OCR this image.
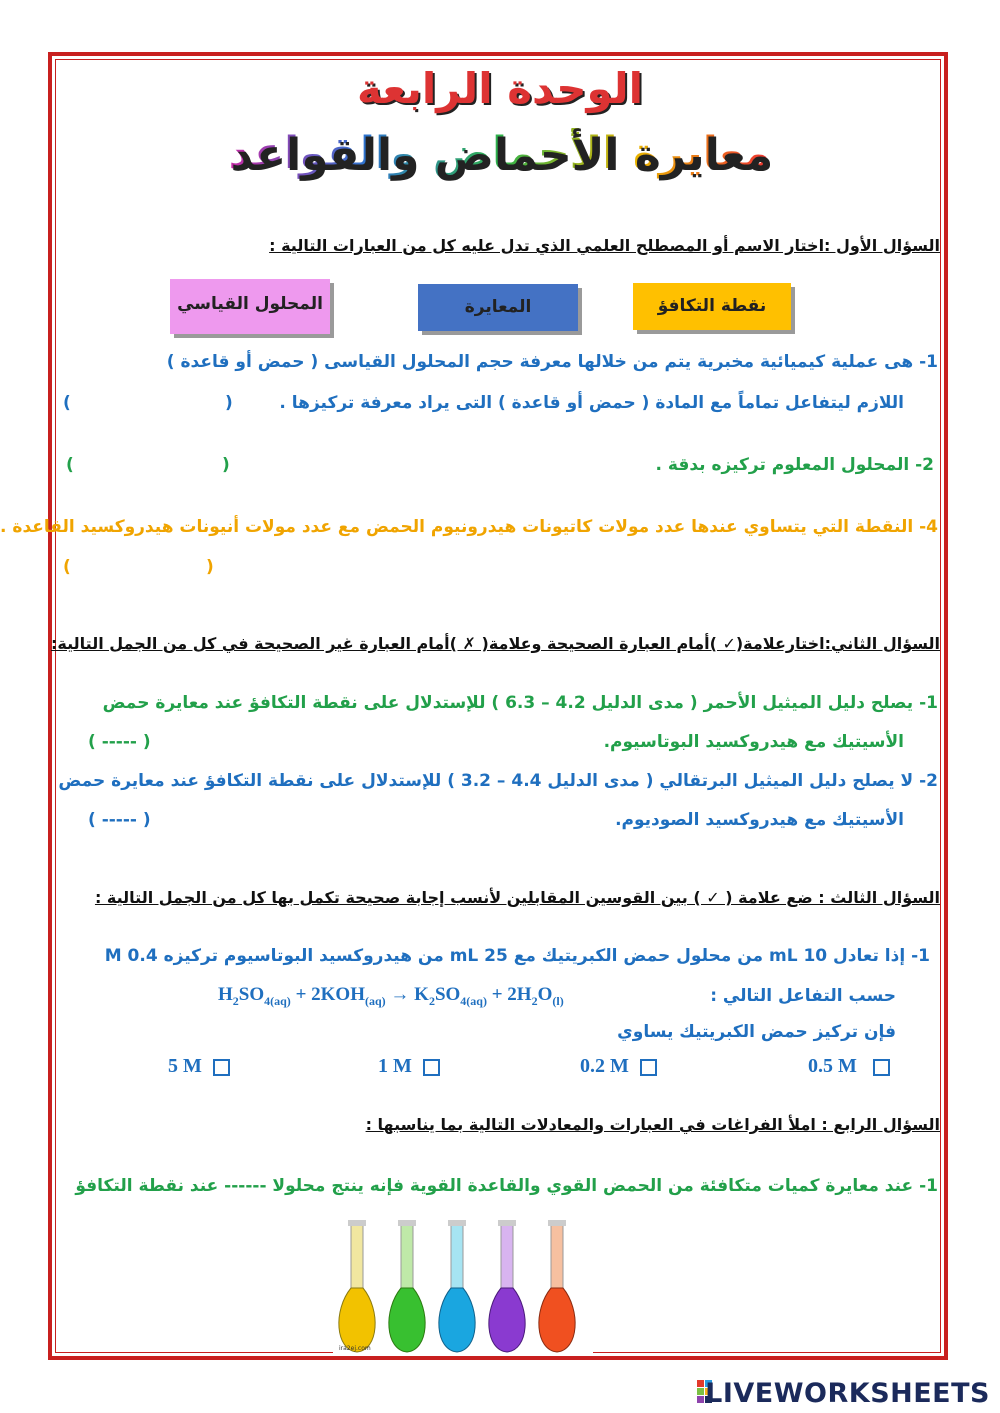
الوحدة الرابعة
معايرة الأحماض والقواعد
السؤال الأول :اختار الاسم أو المصطلح العلمي الذي تدل عليه كل من العبارات التالية :
نقطة التكافؤ
المعايرة
المحلول القياسي
1- هى عملية كيميائية مخبرية يتم من خلالها معرفة حجم المحلول القياسى ( حمض أو قاعدة )
اللازم ليتفاعل تماماً مع المادة ( حمض أو قاعدة ) التى يراد معرفة تركيزها .
(
)
2- المحلول المعلوم تركيزه بدقة .
(
)
4- النقطة التي يتساوي عندها عدد مولات كاتيونات هيدرونيوم الحمض مع عدد مولات أنيونات هيدروكسيد القاعدة .
(
)
السؤال الثاني:اختارعلامة(✓ )أمام العبارة الصحيحة وعلامة( ✗ )أمام العبارة غير الصحيحة في كل من الجمل التالية:
1- يصلح دليل الميثيل الأحمر ( مدى الدليل 4.2 – 6.3 ) للإستدلال على نقطة التكافؤ عند معايرة حمض
الأسيتيك مع هيدروكسيد البوتاسيوم.
( ----- )
2- لا يصلح دليل الميثيل البرتقالي ( مدى الدليل 4.4 – 3.2 ) للإستدلال على نقطة التكافؤ عند معايرة حمض
الأسيتيك مع هيدروكسيد الصوديوم.
( ----- )
السؤال الثالث : ضع علامة ( ✓ ) بين القوسين المقابلين لأنسب إجابة صحيحة تكمل بها كل من الجمل التالية :
1- إذا تعادل 10 mL من محلول حمض الكبريتيك مع 25 mL من هيدروكسيد البوتاسيوم تركيزه 0.4 M
حسب التفاعل التالي :
$H_2SO_{4(aq)} + 2KOH_{(aq)} \to K_2SO_{4(aq)} + 2H_2O_{(l)}$
فإن تركيز حمض الكبريتيك يساوي
0.5 M
0.2 M
1 M
5 M
السؤال الرابع : املأ الفراغات في العبارات والمعادلات التالية بما يناسبها :
1- عند معايرة كميات متكافئة من الحمض القوي والقاعدة القوية فإنه ينتج محلولا ------ عند نقطة التكافؤ
ira2ej.com
LIVEWORKSHEETS
